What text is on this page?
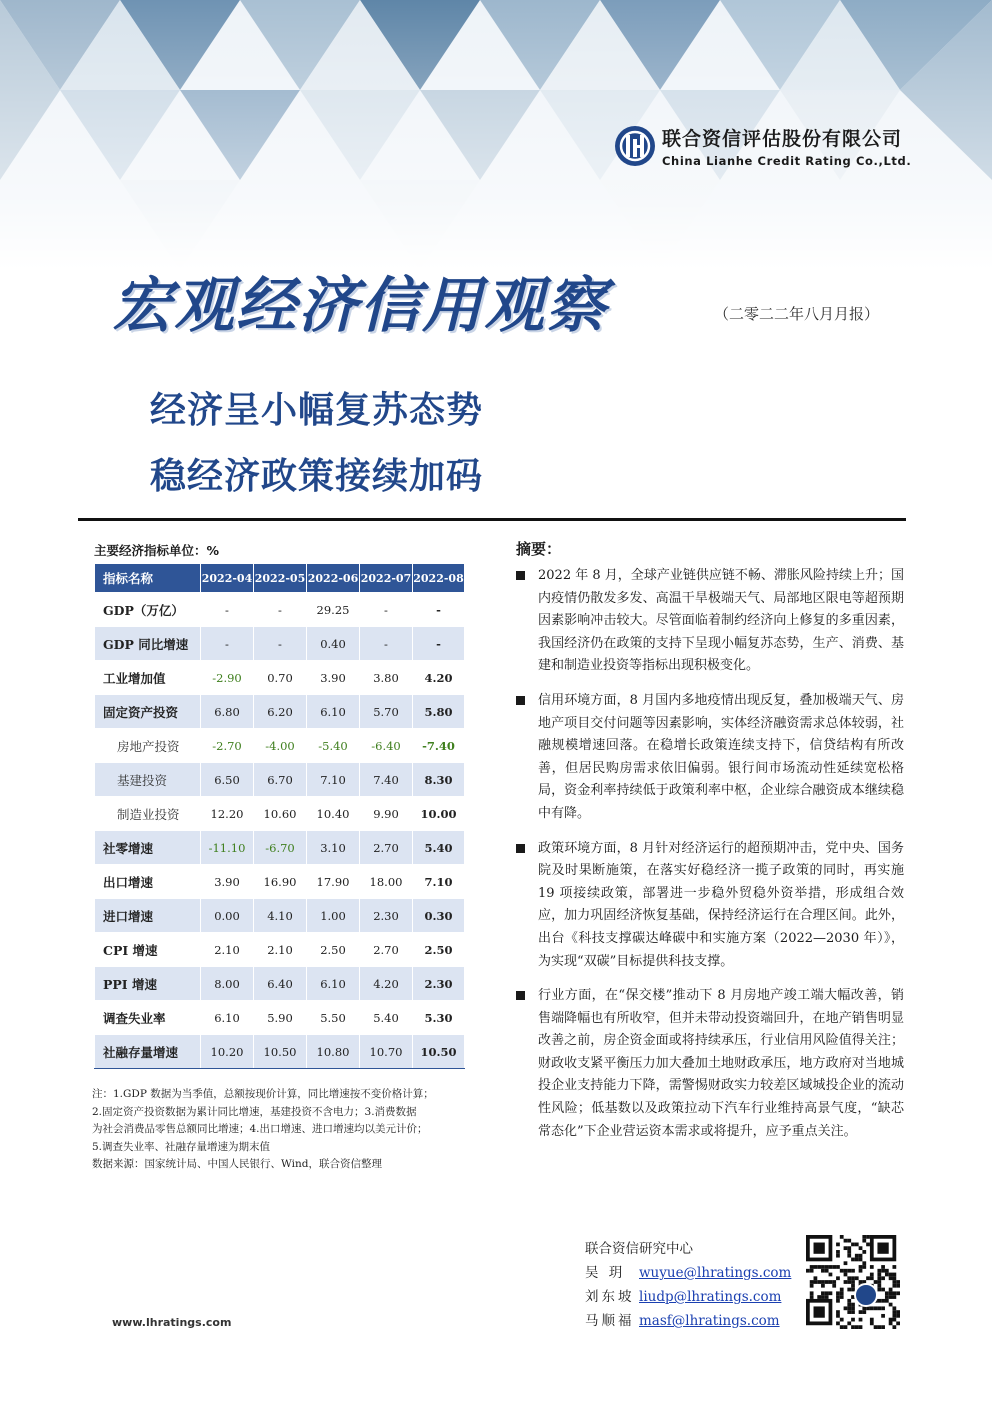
联合资信评估股份有限公司
China Lianhe Credit Rating Co.,Ltd.
宏观经济信用观察	（二零二二年八月月报）
经济呈小幅复苏态势
稳经济政策接续加码
主要经济指标单位：%
指标名称	2022-04	2022-05	2022-06	2022-07	2022-08
GDP（万亿）	-	-	29.25	-	-
GDP 同比增速	-	-	0.40	-	-
工业增加值	-2.90	0.70	3.90	3.80	4.20
固定资产投资	6.80	6.20	6.10	5.70	5.80
房地产投资	-2.70	-4.00	-5.40	-6.40	-7.40
基建投资	6.50	6.70	7.10	7.40	8.30
制造业投资	12.20	10.60	10.40	9.90	10.00
社零增速	-11.10	-6.70	3.10	2.70	5.40
出口增速	3.90	16.90	17.90	18.00	7.10
进口增速	0.00	4.10	1.00	2.30	0.30
CPI 增速	2.10	2.10	2.50	2.70	2.50
PPI 增速	8.00	6.40	6.10	4.20	2.30
调查失业率	6.10	5.90	5.50	5.40	5.30
社融存量增速	10.20	10.50	10.80	10.70	10.50

注：1.GDP 数据为当季值，总额按现价计算，同比增速按不变价格计算；

2.固定资产投资数据为累计同比增速，基建投资不含电力；3.消费数据

为社会消费品零售总额同比增速；4.出口增速、进口增速均以美元计价；

5.调查失业率、社融存量增速为期末值

数据来源：国家统计局、中国人民银行、Wind，联合资信整理

摘要：
2022 年 8 月，全球产业链供应链不畅、滞胀风险持续上升；国内疫情仍散发多发、高温干旱极端天气、局部地区限电等超预期因素影响冲击较大。尽管面临着制约经济向上修复的多重因素，我国经济仍在政策的支持下呈现小幅复苏态势，生产、消费、基建和制造业投资等指标出现积极变化。
信用环境方面，8 月国内多地疫情出现反复，叠加极端天气、房地产项目交付问题等因素影响，实体经济融资需求总体较弱，社融规模增速回落。在稳增长政策连续支持下，信贷结构有所改善，但居民购房需求依旧偏弱。银行间市场流动性延续宽松格局，资金利率持续低于政策利率中枢，企业综合融资成本继续稳中有降。
政策环境方面，8 月针对经济运行的超预期冲击，党中央、国务院及时果断施策，在落实好稳经济一揽子政策的同时，再实施 19 项接续政策，部署进一步稳外贸稳外资举措，形成组合效应，加力巩固经济恢复基础，保持经济运行在合理区间。此外，出台《科技支撑碳达峰碳中和实施方案（2022—2030 年）》，为实现“双碳”目标提供科技支撑。
行业方面，在“保交楼”推动下 8 月房地产竣工端大幅改善，销售端降幅也有所收窄，但并未带动投资端回升，在地产销售明显改善之前，房企资金面或将持续承压，行业信用风险值得关注；财政收支紧平衡压力加大叠加土地财政承压，地方政府对当地城投企业支持能力下降，需警惕财政实力较差区域城投企业的流动性风险；低基数以及政策拉动下汽车行业维持高景气度，“缺芯常态化”下企业营运资本需求或将提升，应予重点关注。
联合资信研究中心
吴 玥	wuyue@lhratings.com
刘东坡 liudp@lhratings.com
马顺福 masf@lhratings.com
www.lhratings.com
